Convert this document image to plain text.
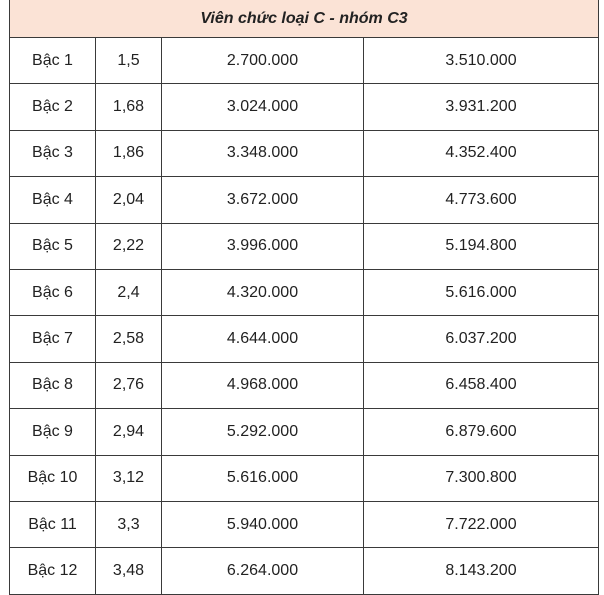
Viên chức loại C - nhóm C3			
Bậc 1	1,5	2.700.000	3.510.000
Bậc 2	1,68	3.024.000	3.931.200
Bậc 3	1,86	3.348.000	4.352.400
Bậc 4	2,04	3.672.000	4.773.600
Bậc 5	2,22	3.996.000	5.194.800
Bậc 6	2,4	4.320.000	5.616.000
Bậc 7	2,58	4.644.000	6.037.200
Bậc 8	2,76	4.968.000	6.458.400
Bậc 9	2,94	5.292.000	6.879.600
Bậc 10	3,12	5.616.000	7.300.800
Bậc 11	3,3	5.940.000	7.722.000
Bậc 12	3,48	6.264.000	8.143.200
